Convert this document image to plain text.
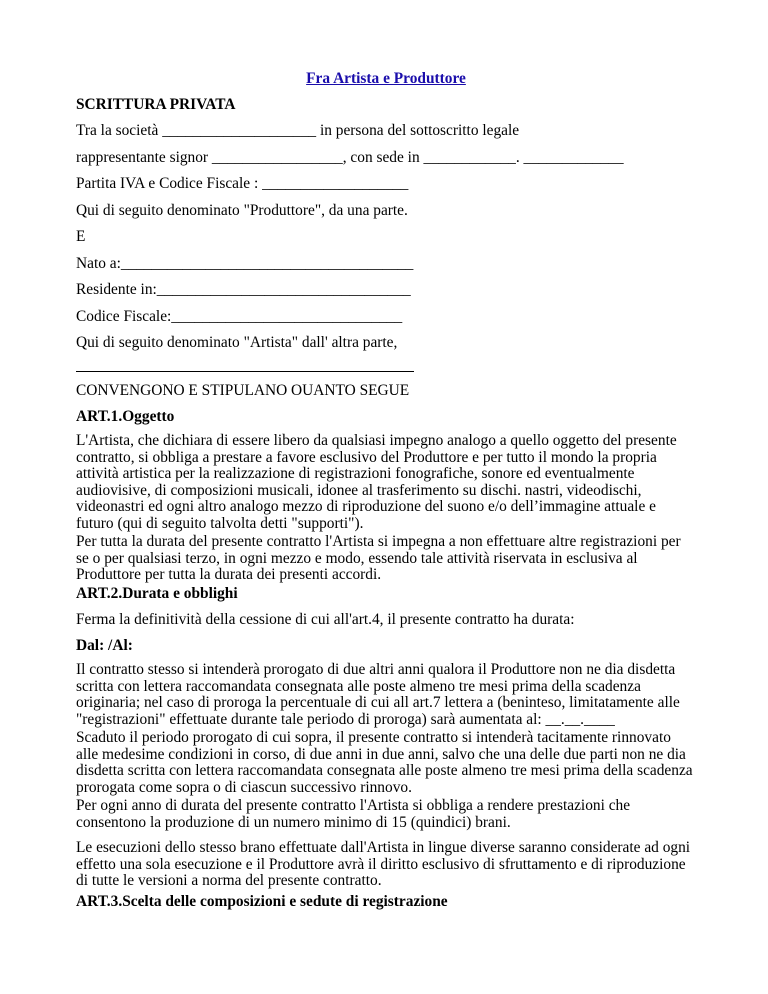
Fra Artista e Produttore
SCRITTURA PRIVATA
Tra la società ____________________ in persona del sottoscritto legale
rappresentante signor _________________, con sede in ____________. _____________
Partita IVA e Codice Fiscale : ___________________
Qui di seguito denominato "Produttore", da una parte.
E
Nato a:______________________________________
Residente in:_________________________________
Codice Fiscale:______________________________
Qui di seguito denominato "Artista" dall' altra parte,
CONVENGONO E STIPULANO OUANTO SEGUE
ART.1.Oggetto
L'Artista, che dichiara di essere libero da qualsiasi impegno analogo a quello oggetto del presente
contratto, si obbliga a prestare a favore esclusivo del Produttore e per tutto il mondo la propria
attività artistica per la realizzazione di registrazioni fonografiche, sonore ed eventualmente
audiovisive, di composizioni musicali, idonee al trasferimento su dischi. nastri, videodischi,
videonastri ed ogni altro analogo mezzo di riproduzione del suono e/o dell’immagine attuale e
futuro (qui di seguito talvolta detti "supporti").
Per tutta la durata del presente contratto l'Artista si impegna a non effettuare altre registrazioni per
se o per qualsiasi terzo, in ogni mezzo e modo, essendo tale attività riservata in esclusiva al
Produttore per tutta la durata dei presenti accordi.
ART.2.Durata e obblighi
Ferma la definitività della cessione di cui all'art.4, il presente contratto ha durata:
Dal: /Al:
Il contratto stesso si intenderà prorogato di due altri anni qualora il Produttore non ne dia disdetta
scritta con lettera raccomandata consegnata alle poste almeno tre mesi prima della scadenza
originaria; nel caso di proroga la percentuale di cui all art.7 lettera a (beninteso, limitatamente alle
"registrazioni" effettuate durante tale periodo di proroga) sarà aumentata al: __.__.____
Scaduto il periodo prorogato di cui sopra, il presente contratto si intenderà tacitamente rinnovato
alle medesime condizioni in corso, di due anni in due anni, salvo che una delle due parti non ne dia
disdetta scritta con lettera raccomandata consegnata alle poste almeno tre mesi prima della scadenza
prorogata come sopra o di ciascun successivo rinnovo.
Per ogni anno di durata del presente contratto l'Artista si obbliga a rendere prestazioni che
consentono la produzione di un numero minimo di 15 (quindici) brani.
Le esecuzioni dello stesso brano effettuate dall'Artista in lingue diverse saranno considerate ad ogni
effetto una sola esecuzione e il Produttore avrà il diritto esclusivo di sfruttamento e di riproduzione
di tutte le versioni a norma del presente contratto.
ART.3.Scelta delle composizioni e sedute di registrazione
